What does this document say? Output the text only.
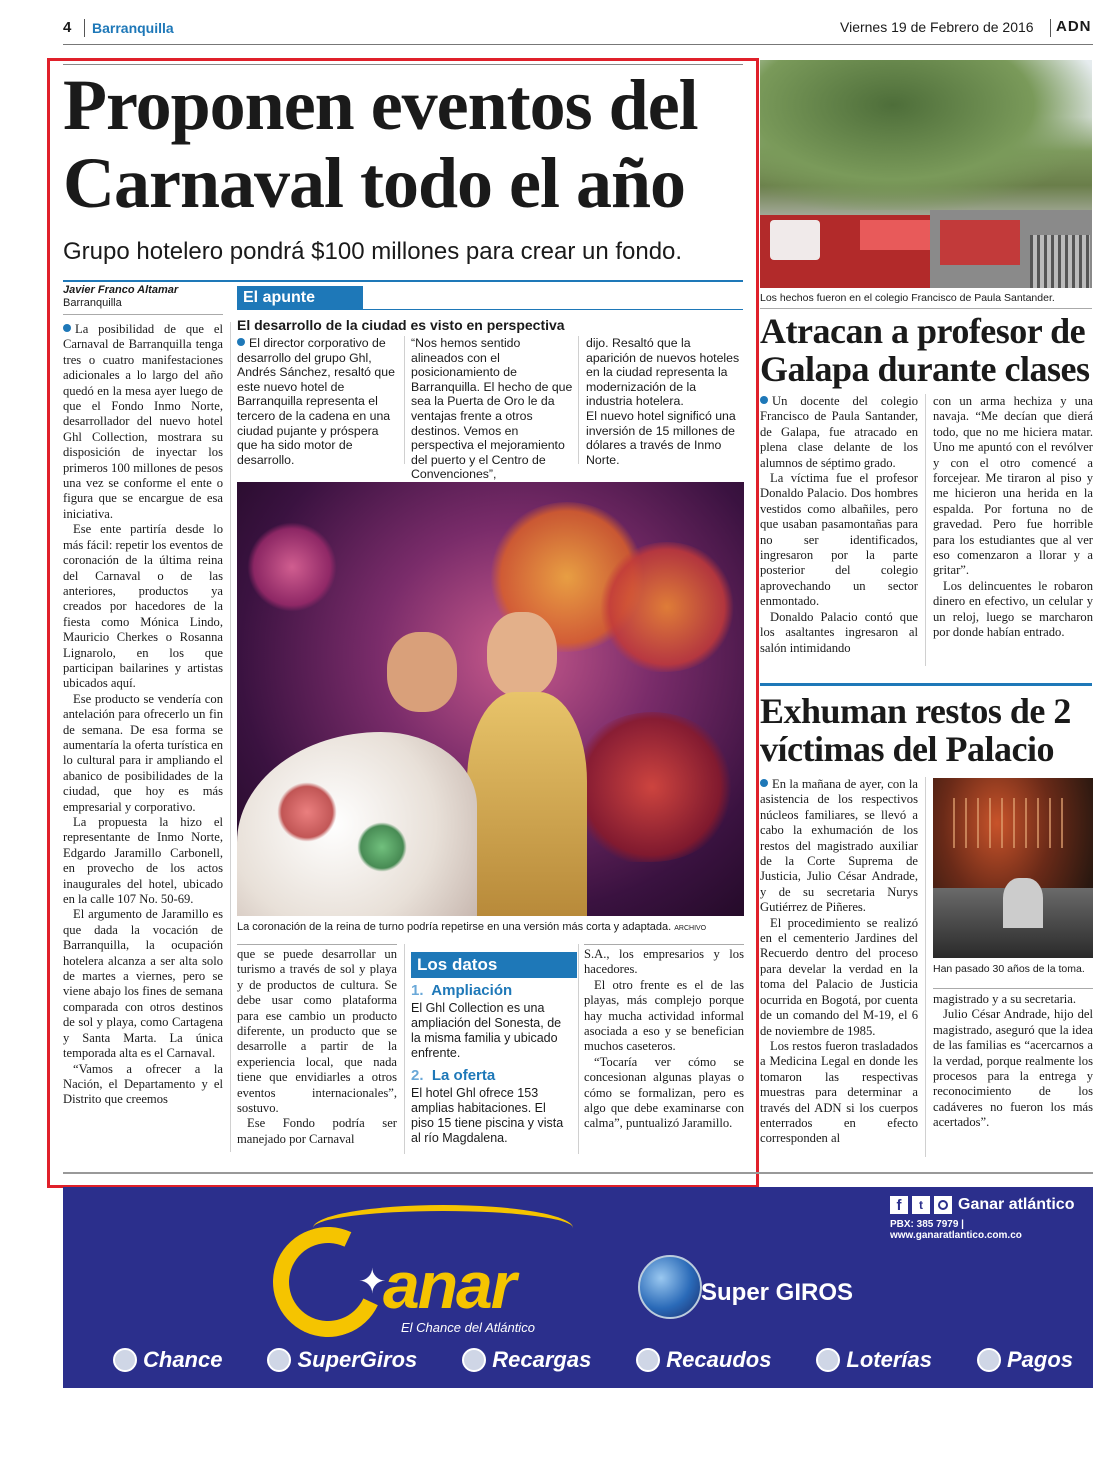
4 Barranquilla	Viernes 19 de Febrero de 2016 ADN
Proponen eventos del Carnaval todo el año
Grupo hotelero pondrá $100 millones para crear un fondo.
Javier Franco Altamar
Barranquilla

La posibilidad de que el Carnaval de Barranquilla tenga tres o cuatro manifestaciones adicionales a lo largo del año quedó en la mesa ayer luego de que el Fondo Inmo Norte, desarrollador del nuevo hotel Ghl Collection, mostrara su disposición de inyectar los primeros 100 millones de pesos una vez se conforme el ente o figura que se encargue de esa iniciativa.

Ese ente partiría desde lo más fácil: repetir los eventos de coronación de la última reina del Carnaval o de las anteriores, productos ya creados por hacedores de la fiesta como Mónica Lindo, Mauricio Cherkes o Rosanna Lignarolo, en los que participan bailarines y artistas ubicados aquí.

Ese producto se vendería con antelación para ofrecerlo un fin de semana. De esa forma se aumentaría la oferta turística en lo cultural para ir ampliando el abanico de posibilidades de la ciudad, que hoy es más empresarial y corporativo.

La propuesta la hizo el representante de Inmo Norte, Edgardo Jaramillo Carbonell, en provecho de los actos inaugurales del hotel, ubicado en la calle 107 No. 50-69.

El argumento de Jaramillo es que dada la vocación de Barranquilla, la ocupación hotelera alcanza a ser alta solo de martes a viernes, pero se viene abajo los fines de semana comparada con otros destinos de sol y playa, como Cartagena y Santa Marta. La única temporada alta es el Carnaval.

“Vamos a ofrecer a la Nación, el Departamento y el Distrito que creemos

El apunte
El desarrollo de la ciudad es visto en perspectiva
El director corporativo de desarrollo del grupo Ghl, Andrés Sánchez, resaltó que este nuevo hotel de Barranquilla representa el tercero de la cadena en una ciudad pujante y próspera que ha sido motor de desarrollo.
“Nos hemos sentido alineados con el posicionamiento de Barranquilla. El hecho de que sea la Puerta de Oro le da ventajas frente a otros destinos. Vemos en perspectiva el mejoramiento del puerto y el Centro de Convenciones”,
dijo. Resaltó que la aparición de nuevos hoteles en la ciudad representa la modernización de la industria hotelera.
El nuevo hotel significó una inversión de 15 millones de dólares a través de Inmo Norte.
La coronación de la reina de turno podría repetirse en una versión más corta y adaptada. ARCHIVO

que se puede desarrollar un turismo a través de sol y playa y de productos de cultura. Se debe usar como plataforma para ese cambio un producto diferente, un producto que se desarrolle a partir de la experiencia local, que nada tiene que envidiarles a otros eventos internacionales”, sostuvo.

Ese Fondo podría ser manejado por Carnaval

Los datos
1. Ampliación
El Ghl Collection es una ampliación del Sonesta, de la misma familia y ubicado enfrente.
2. La oferta
El hotel Ghl ofrece 153 amplias habitaciones. El piso 15 tiene piscina y vista al río Magdalena.

S.A., los empresarios y los hacedores.

El otro frente es el de las playas, más complejo porque hay mucha actividad informal asociada a eso y se benefician muchos caseteros.

“Tocaría ver cómo se concesionan algunas playas o cómo se formalizan, pero es algo que debe examinarse con calma”, puntualizó Jaramillo.

Los hechos fueron en el colegio Francisco de Paula Santander.
Atracan a profesor de Galapa durante clases

Un docente del colegio Francisco de Paula Santander, de Galapa, fue atracado en plena clase delante de los alumnos de séptimo grado.

La víctima fue el profesor Donaldo Palacio. Dos hombres vestidos como albañiles, pero que usaban pasamontañas para no ser identificados, ingresaron por la parte posterior del colegio aprovechando un sector enmontado.

Donaldo Palacio contó que los asaltantes ingresaron al salón intimidando

con un arma hechiza y una navaja. “Me decían que dierá todo, que no me hiciera matar. Uno me apuntó con el revólver y con el otro comencé a forcejear. Me tiraron al piso y me hicieron una herida en la espalda. Por fortuna no de gravedad. Pero fue horrible para los estudiantes que al ver eso comenzaron a llorar y a gritar”.

Los delincuentes le robaron dinero en efectivo, un celular y un reloj, luego se marcharon por donde habían entrado.

Exhuman restos de 2 víctimas del Palacio

En la mañana de ayer, con la asistencia de los respectivos núcleos familiares, se llevó a cabo la exhumación de los restos del magistrado auxiliar de la Corte Suprema de Justicia, Julio César Andrade, y de su secretaria Nurys Gutiérrez de Piñeres.

El procedimiento se realizó en el cementerio Jardines del Recuerdo dentro del proceso para develar la verdad en la toma del Palacio de Justicia ocurrida en Bogotá, por cuenta de un comando del M-19, el 6 de noviembre de 1985.

Los restos fueron trasladados a Medicina Legal en donde les tomaron las respectivas muestras para determinar a través del ADN si los cuerpos enterrados en efecto corresponden al

Han pasado 30 años de la toma.

magistrado y a su secretaria.

Julio César Andrade, hijo del magistrado, aseguró que la idea de las familias es “acercarnos a la verdad, porque realmente los procesos para la entrega y reconocimiento de los cadáveres no fueron los más acertados”.

f	t	Ganar atlántico
PBX: 385 7979 | www.ganaratlantico.com.co
✦
anar
El Chance del Atlántico
Super GIROS
Chance	SuperGiros	Recargas	Recaudos	Loterías	Pagos
